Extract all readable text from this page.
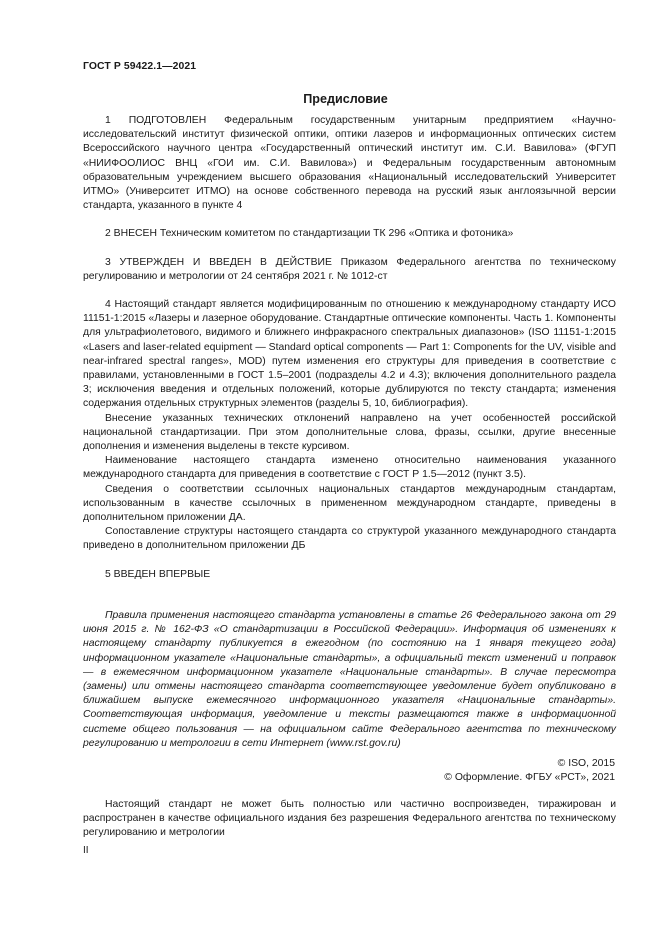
ГОСТ Р 59422.1—2021
Предисловие

1 ПОДГОТОВЛЕН Федеральным государственным унитарным предприятием «Научно-исследовательский институт физической оптики, оптики лазеров и информационных оптических систем Всероссийского научного центра «Государственный оптический институт им. С.И. Вавилова» (ФГУП «НИИФООЛИОС ВНЦ «ГОИ им. С.И. Вавилова») и Федеральным государственным автономным образовательным учреждением высшего образования «Национальный исследовательский Университет ИТМО» (Университет ИТМО) на основе собственного перевода на русский язык англоязычной версии стандарта, указанного в пункте 4

2 ВНЕСЕН Техническим комитетом по стандартизации ТК 296 «Оптика и фотоника»

3 УТВЕРЖДЕН И ВВЕДЕН В ДЕЙСТВИЕ Приказом Федерального агентства по техническому регулированию и метрологии от 24 сентября 2021 г. № 1012-ст

4 Настоящий стандарт является модифицированным по отношению к международному стандарту ИСО 11151-1:2015 «Лазеры и лазерное оборудование. Стандартные оптические компоненты. Часть 1. Компоненты для ультрафиолетового, видимого и ближнего инфракрасного спектральных диапазонов» (ISO 11151-1:2015 «Lasers and laser-related equipment — Standard optical components — Part 1: Components for the UV, visible and near-infrared spectral ranges», MOD) путем изменения его структуры для приведения в соответствие с правилами, установленными в ГОСТ 1.5–2001 (подразделы 4.2 и 4.3); включения дополнительного раздела 3; исключения введения и отдельных положений, которые дублируются по тексту стандарта; изменения содержания отдельных структурных элементов (разделы 5, 10, библиография).

Внесение указанных технических отклонений направлено на учет особенностей российской национальной стандартизации. При этом дополнительные слова, фразы, ссылки, другие внесенные дополнения и изменения выделены в тексте курсивом.

Наименование настоящего стандарта изменено относительно наименования указанного международного стандарта для приведения в соответствие с ГОСТ Р 1.5—2012 (пункт 3.5).

Сведения о соответствии ссылочных национальных стандартов международным стандартам, использованным в качестве ссылочных в примененном международном стандарте, приведены в дополнительном приложении ДА.

Сопоставление структуры настоящего стандарта со структурой указанного международного стандарта приведено в дополнительном приложении ДБ

5 ВВЕДЕН ВПЕРВЫЕ

Правила применения настоящего стандарта установлены в статье 26 Федерального закона от 29 июня 2015 г. № 162-ФЗ «О стандартизации в Российской Федерации». Информация об изменениях к настоящему стандарту публикуется в ежегодном (по состоянию на 1 января текущего года) информационном указателе «Национальные стандарты», а официальный текст изменений и поправок — в ежемесячном информационном указателе «Национальные стандарты». В случае пересмотра (замены) или отмены настоящего стандарта соответствующее уведомление будет опубликовано в ближайшем выпуске ежемесячного информационного указателя «Национальные стандарты». Соответствующая информация, уведомление и тексты размещаются также в информационной системе общего пользования — на официальном сайте Федерального агентства по техническому регулированию и метрологии в сети Интернет (www.rst.gov.ru)

© ISO, 2015
© Оформление. ФГБУ «РСТ», 2021

Настоящий стандарт не может быть полностью или частично воспроизведен, тиражирован и распространен в качестве официального издания без разрешения Федерального агентства по техническому регулированию и метрологии

II
